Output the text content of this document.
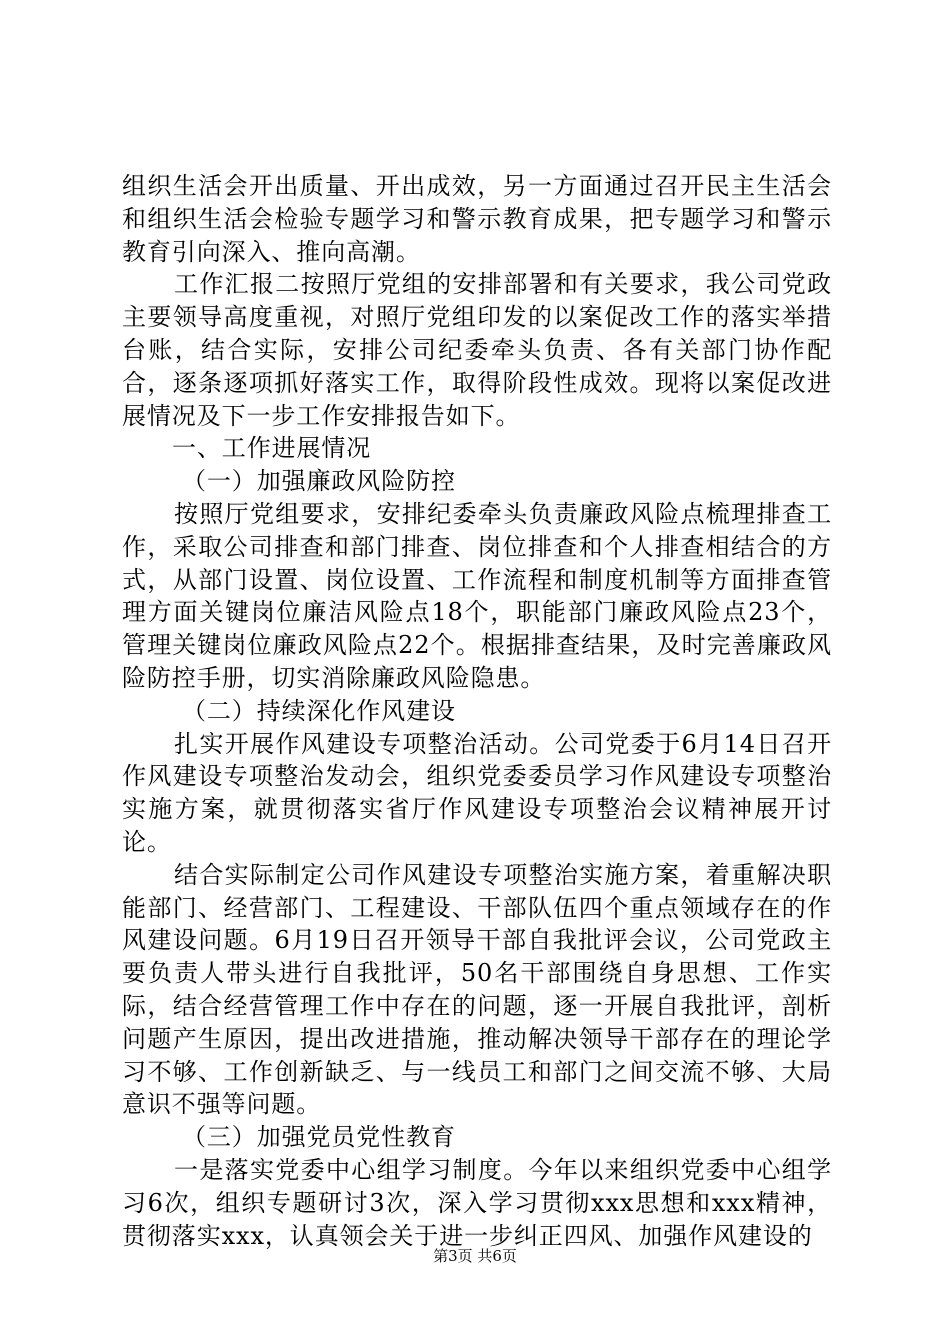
组织生活会开出质量、开出成效，另一方面通过召开民主生活会和组织生活会检验专题学习和警示教育成果，把专题学习和警示教育引向深入、推向高潮。

工作汇报二按照厅党组的安排部署和有关要求，我公司党政主要领导高度重视，对照厅党组印发的以案促改工作的落实举措台账，结合实际，安排公司纪委牵头负责、各有关部门协作配合，逐条逐项抓好落实工作，取得阶段性成效。现将以案促改进展情况及下一步工作安排报告如下。

一、工作进展情况

（一）加强廉政风险防控

按照厅党组要求，安排纪委牵头负责廉政风险点梳理排查工作，采取公司排查和部门排查、岗位排查和个人排查相结合的方式，从部门设置、岗位设置、工作流程和制度机制等方面排查管理方面关键岗位廉洁风险点18个，职能部门廉政风险点23个，管理关键岗位廉政风险点22个。根据排查结果，及时完善廉政风险防控手册，切实消除廉政风险隐患。

（二）持续深化作风建设

扎实开展作风建设专项整治活动。公司党委于6月14日召开作风建设专项整治发动会，组织党委委员学习作风建设专项整治实施方案，就贯彻落实省厅作风建设专项整治会议精神展开讨论。

结合实际制定公司作风建设专项整治实施方案，着重解决职能部门、经营部门、工程建设、干部队伍四个重点领域存在的作风建设问题。6月19日召开领导干部自我批评会议，公司党政主要负责人带头进行自我批评，50名干部围绕自身思想、工作实际，结合经营管理工作中存在的问题，逐一开展自我批评，剖析问题产生原因，提出改进措施，推动解决领导干部存在的理论学习不够、工作创新缺乏、与一线员工和部门之间交流不够、大局意识不强等问题。

（三）加强党员党性教育

一是落实党委中心组学习制度。今年以来组织党委中心组学习6次，组织专题研讨3次，深入学习贯彻xxx思想和xxx精神，贯彻落实xxx，认真领会关于进一步纠正四风、加强作风建设的

第3页 共6页
